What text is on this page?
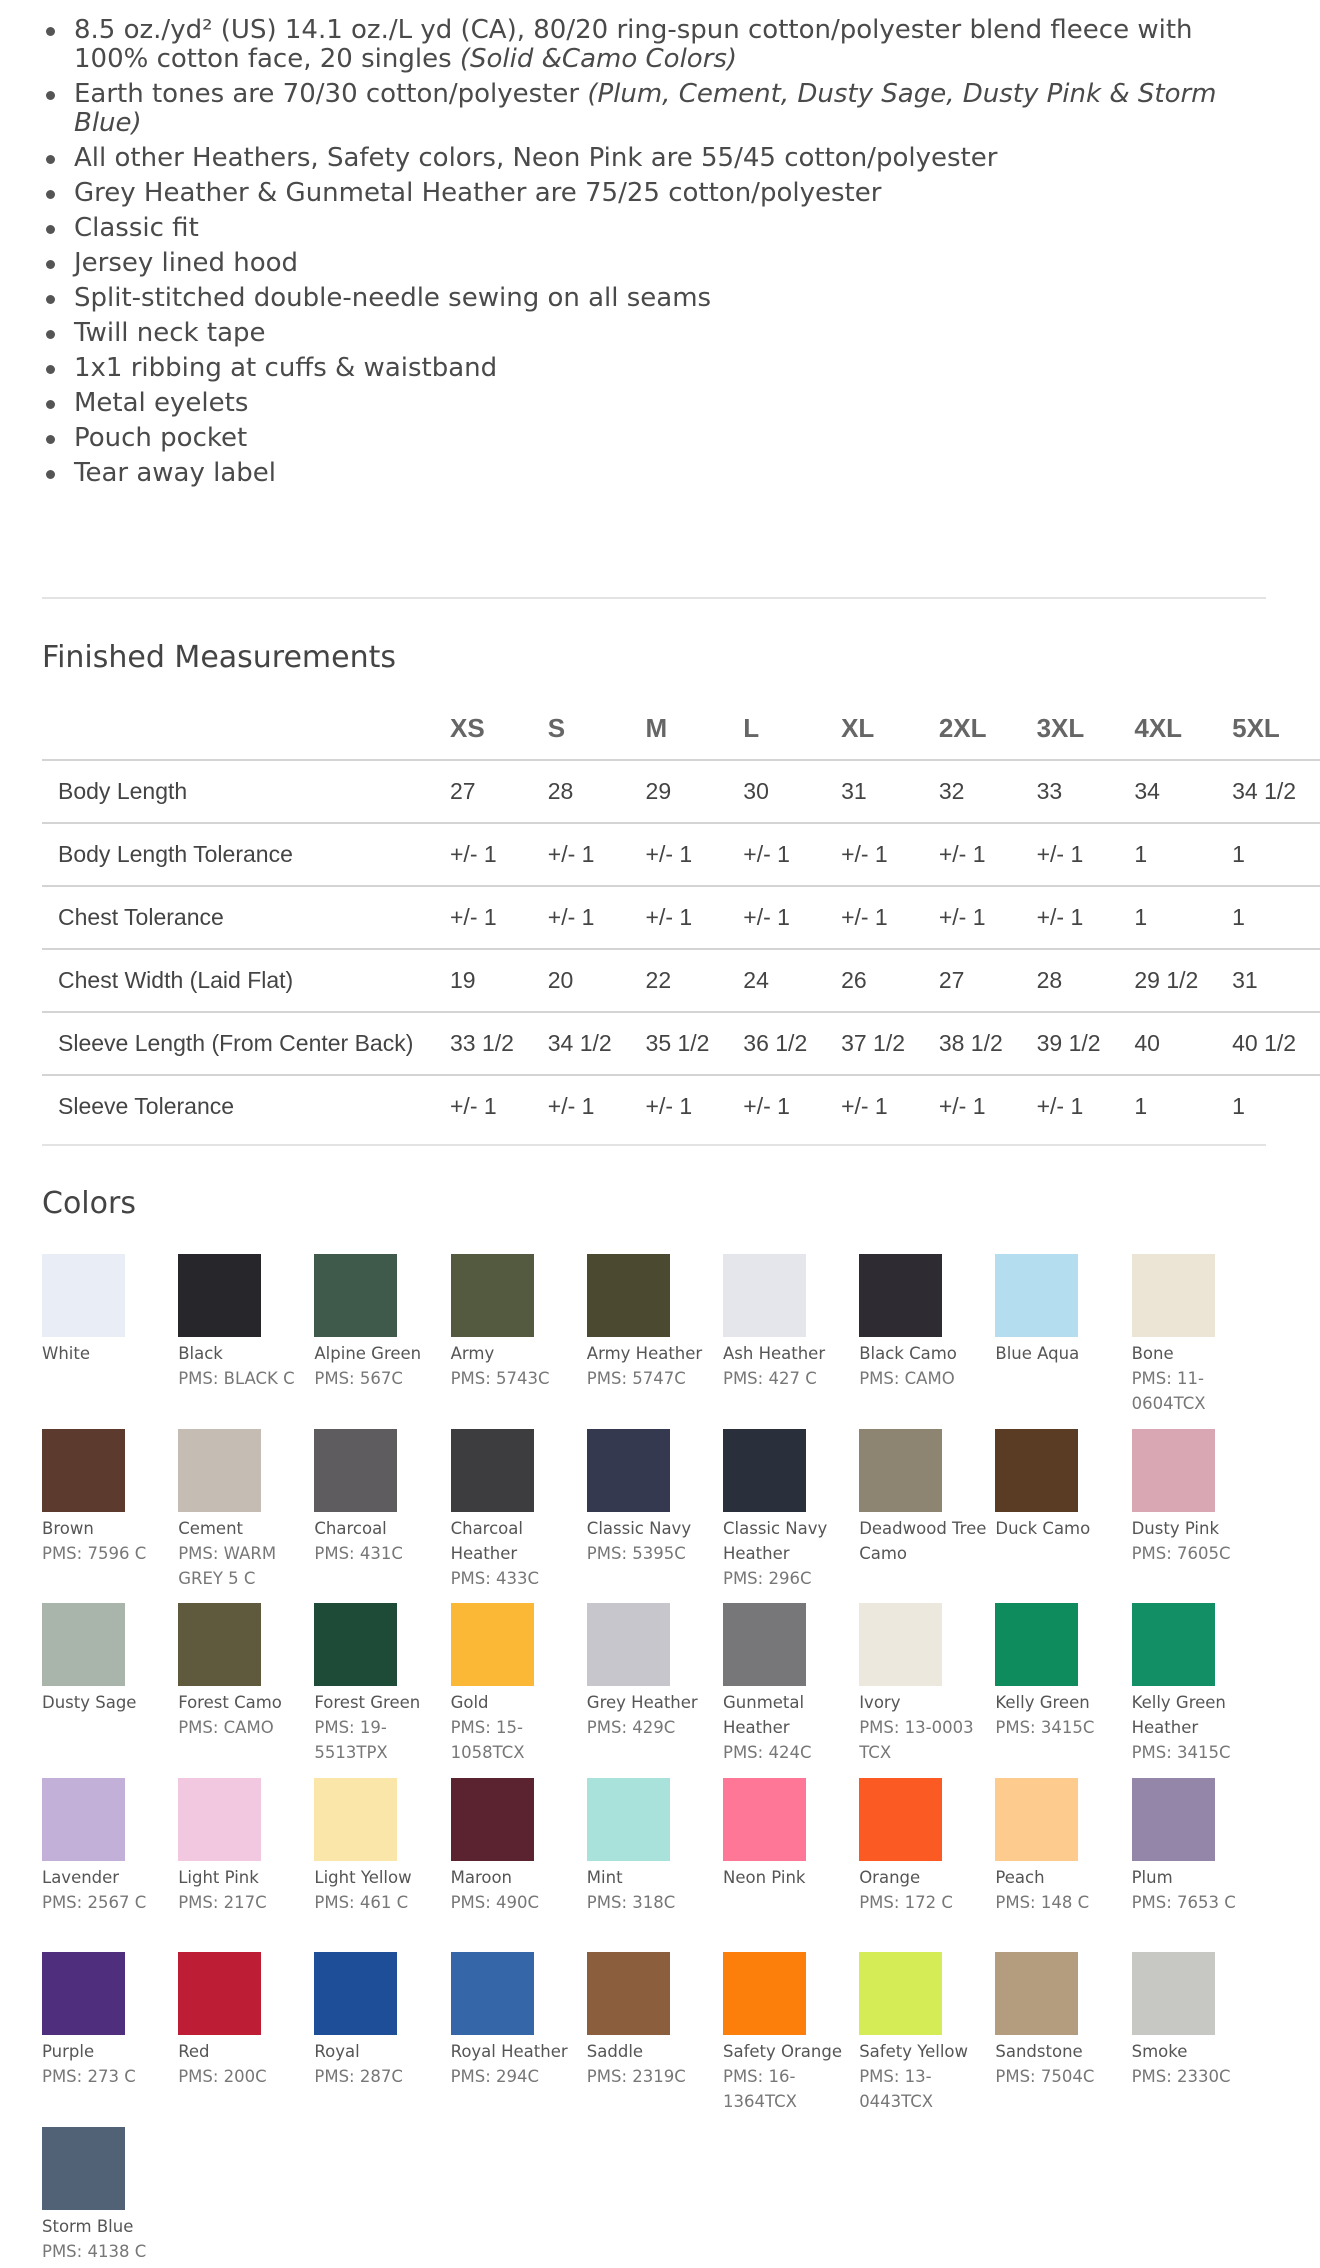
8.5 oz./yd² (US) 14.1 oz./L yd (CA), 80/20 ring-spun cotton/polyester blend fleece with 100% cotton face, 20 singles (Solid &Camo Colors)
Earth tones are 70/30 cotton/polyester (Plum, Cement, Dusty Sage, Dusty Pink & Storm Blue)
All other Heathers, Safety colors, Neon Pink are 55/45 cotton/polyester
Grey Heather & Gunmetal Heather are 75/25 cotton/polyester
Classic fit
Jersey lined hood
Split-stitched double-needle sewing on all seams
Twill neck tape
1x1 ribbing at cuffs & waistband
Metal eyelets
Pouch pocket
Tear away label
Finished Measurements
	XS	S	M	L	XL	2XL	3XL	4XL	5XL
Body Length	27	28	29	30	31	32	33	34	34 1/2
Body Length Tolerance	+/- 1	+/- 1	+/- 1	+/- 1	+/- 1	+/- 1	+/- 1	1	1
Chest Tolerance	+/- 1	+/- 1	+/- 1	+/- 1	+/- 1	+/- 1	+/- 1	1	1
Chest Width (Laid Flat)	19	20	22	24	26	27	28	29 1/2	31
Sleeve Length (From Center Back)	33 1/2	34 1/2	35 1/2	36 1/2	37 1/2	38 1/2	39 1/2	40	40 1/2
Sleeve Tolerance	+/- 1	+/- 1	+/- 1	+/- 1	+/- 1	+/- 1	+/- 1	1	1
Colors
White	Black
PMS: BLACK C
Alpine Green
PMS: 567C
Army
PMS: 5743C
Army Heather
PMS: 5747C
Ash Heather
PMS: 427 C
Black Camo
PMS: CAMO
Blue Aqua	Bone
PMS: 11-0604TCX
Brown
PMS: 7596 C
Cement
PMS: WARM GREY 5 C
Charcoal
PMS: 431C
Charcoal Heather
PMS: 433C
Classic Navy
PMS: 5395C
Classic Navy Heather
PMS: 296C
Deadwood Tree Camo
Duck Camo	Dusty Pink
PMS: 7605C
Dusty Sage	Forest Camo
PMS: CAMO
Forest Green
PMS: 19-5513TPX
Gold
PMS: 15-1058TCX
Grey Heather
PMS: 429C
Gunmetal Heather
PMS: 424C
Ivory
PMS: 13-0003 TCX
Kelly Green
PMS: 3415C
Kelly Green Heather
PMS: 3415C
Lavender
PMS: 2567 C
Light Pink
PMS: 217C
Light Yellow
PMS: 461 C
Maroon
PMS: 490C
Mint
PMS: 318C
Neon Pink	Orange
PMS: 172 C
Peach
PMS: 148 C
Plum
PMS: 7653 C
Purple
PMS: 273 C
Red
PMS: 200C
Royal
PMS: 287C
Royal Heather
PMS: 294C
Saddle
PMS: 2319C
Safety Orange
PMS: 16-1364TCX
Safety Yellow
PMS: 13-0443TCX
Sandstone
PMS: 7504C
Smoke
PMS: 2330C
Storm Blue
PMS: 4138 C
